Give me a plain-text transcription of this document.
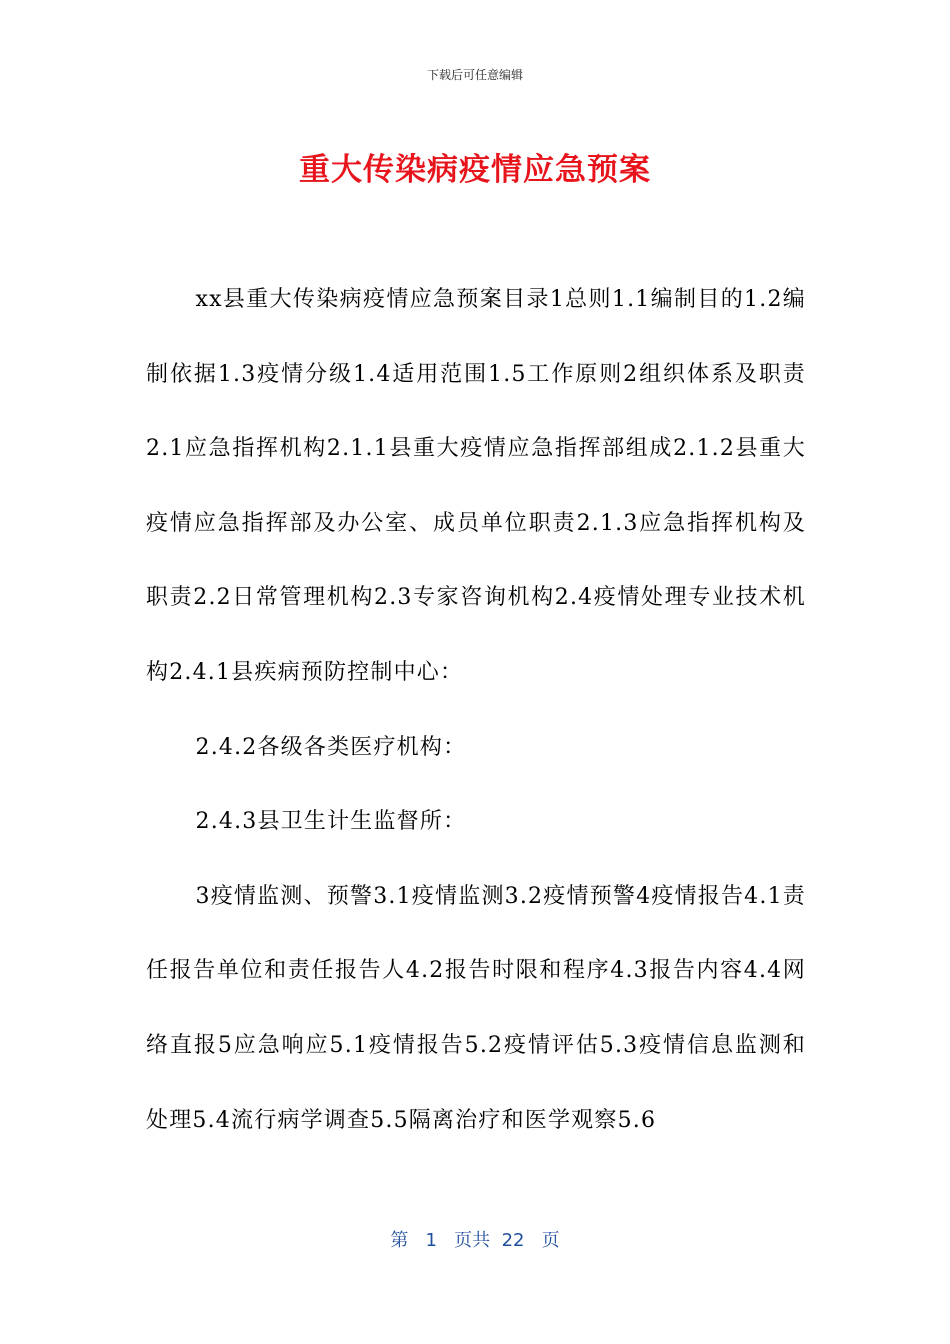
下载后可任意编辑
重大传染病疫情应急预案

xx县重大传染病疫情应急预案目录1总则1.1编制目的1.2编制依据1.3疫情分级1.4适用范围1.5工作原则2组织体系及职责2.1应急指挥机构2.1.1县重大疫情应急指挥部组成2.1.2县重大疫情应急指挥部及办公室、成员单位职责2.1.3应急指挥机构及职责2.2日常管理机构2.3专家咨询机构2.4疫情处理专业技术机构2.4.1县疾病预防控制中心：

2.4.2各级各类医疗机构：

2.4.3县卫生计生监督所：

3疫情监测、预警3.1疫情监测3.2疫情预警4疫情报告4.1责任报告单位和责任报告人4.2报告时限和程序4.3报告内容4.4网络直报5应急响应5.1疫情报告5.2疫情评估5.3疫情信息监测和处理5.4流行病学调查5.5隔离治疗和医学观察5.6

第 1 页共 22 页
